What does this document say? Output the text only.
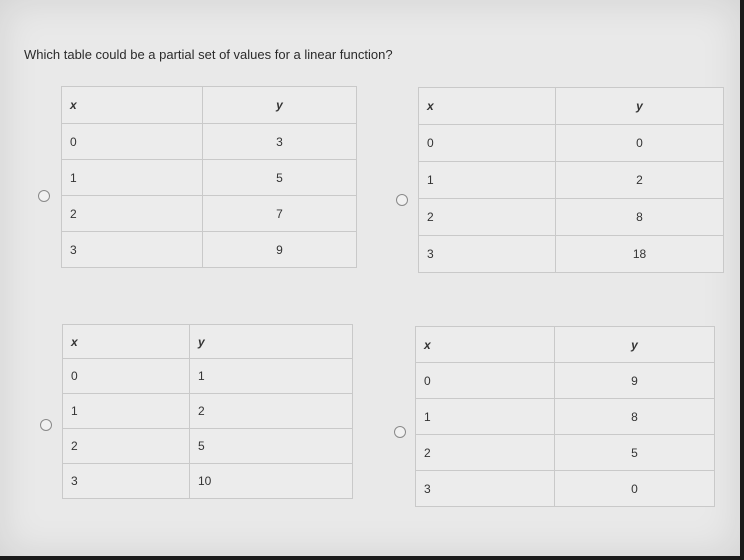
Which table could be a partial set of values for a linear function?
x	y
0	3
1	5
2	7
3	9
x	y
0	0
1	2
2	8
3	18
x	y
0	1
1	2
2	5
3	10
x	y
0	9
1	8
2	5
3	0
